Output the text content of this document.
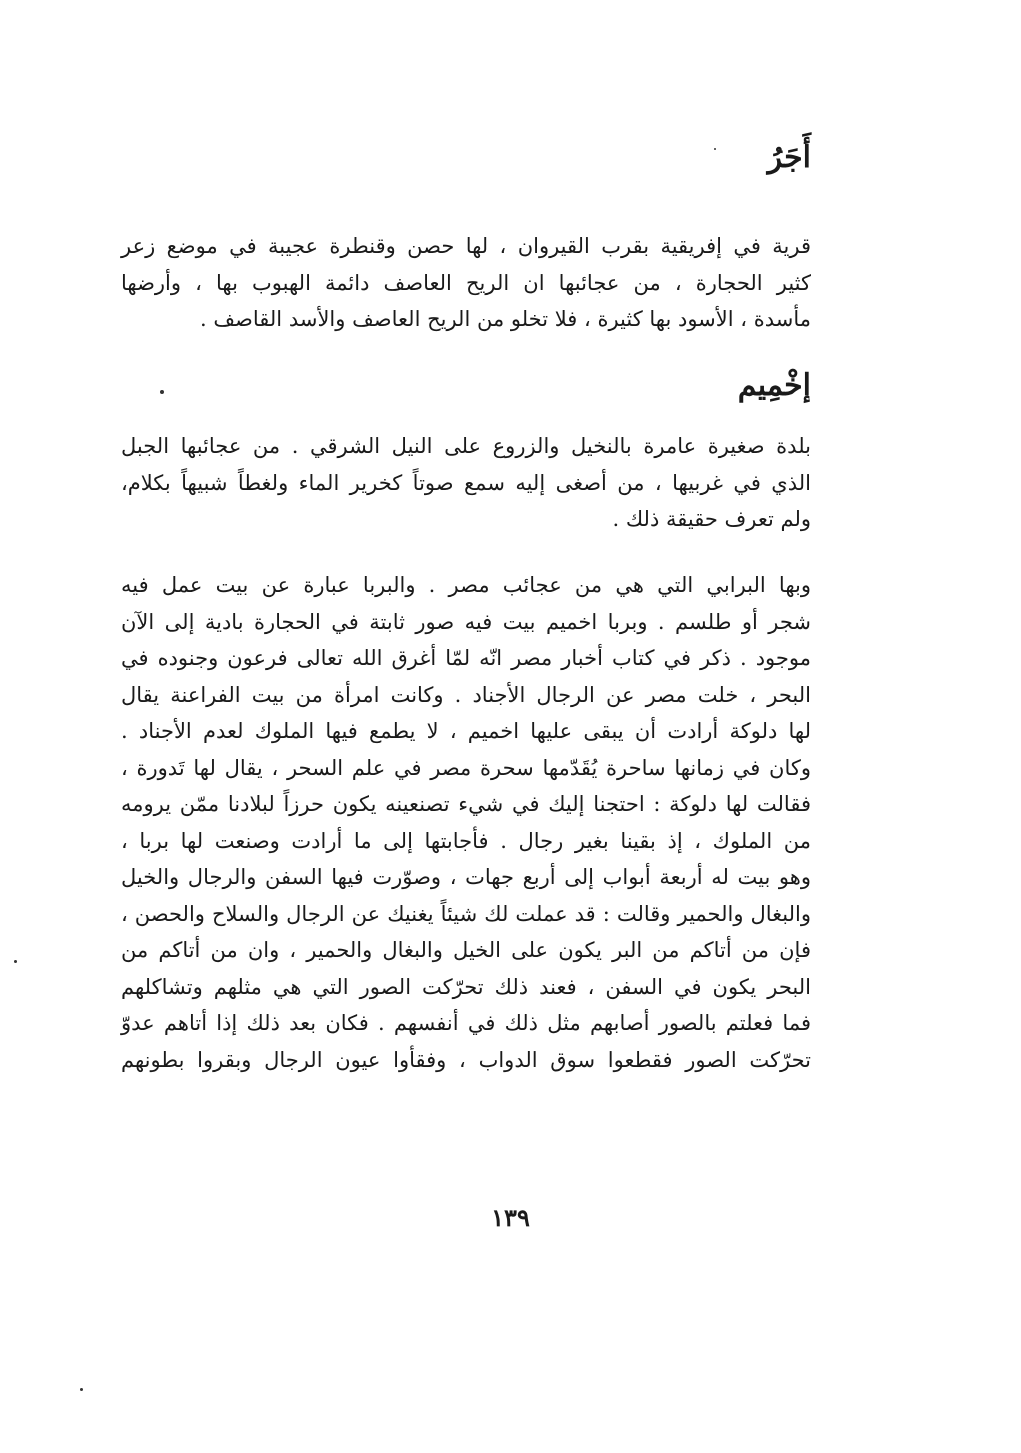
أَجَرُ

قرية في إفريقية بقرب القيروان ، لها حصن وقنطرة عجيبة في موضع زعر
كثير الحجارة ، من عجائبها ان الريح العاصف دائمة الهبوب بها ، وأرضها
مأسدة ، الأسود بها كثيرة ، فلا تخلو من الريح العاصف والأسد القاصف .

إخْمِيم

بلدة صغيرة عامرة بالنخيل والزروع على النيل الشرقي . من عجائبها الجبل
الذي في غربيها ، من أصغى إليه سمع صوتاً كخرير الماء ولغطاً شبيهاً بكلام،
ولم تعرف حقيقة ذلك .

وبها البرابي التي هي من عجائب مصر . والبربا عبارة عن بيت عمل فيه
شجر أو طلسم . وبربا اخميم بيت فيه صور ثابتة في الحجارة بادية إلى الآن
موجود . ذكر في كتاب أخبار مصر انّه لمّا أغرق الله تعالى فرعون وجنوده في
البحر ، خلت مصر عن الرجال الأجناد . وكانت امرأة من بيت الفراعنة يقال
لها دلوكة أرادت أن يبقى عليها اخميم ، لا يطمع فيها الملوك لعدم الأجناد .
وكان في زمانها ساحرة يُقَدّمها سحرة مصر في علم السحر ، يقال لها تَدورة ،
فقالت لها دلوكة : احتجنا إليك في شيء تصنعينه يكون حرزاً لبلادنا ممّن يرومه
من الملوك ، إذ بقينا بغير رجال . فأجابتها إلى ما أرادت وصنعت لها بربا ،
وهو بيت له أربعة أبواب إلى أربع جهات ، وصوّرت فيها السفن والرجال والخيل
والبغال والحمير وقالت : قد عملت لك شيئاً يغنيك عن الرجال والسلاح والحصن ،
فإن من أتاكم من البر يكون على الخيل والبغال والحمير ، وان من أتاكم من
البحر يكون في السفن ، فعند ذلك تحرّكت الصور التي هي مثلهم وتشاكلهم
فما فعلتم بالصور أصابهم مثل ذلك في أنفسهم . فكان بعد ذلك إذا أتاهم عدوّ
تحرّكت الصور فقطعوا سوق الدواب ، وفقأوا عيون الرجال وبقروا بطونهم

١٣٩
